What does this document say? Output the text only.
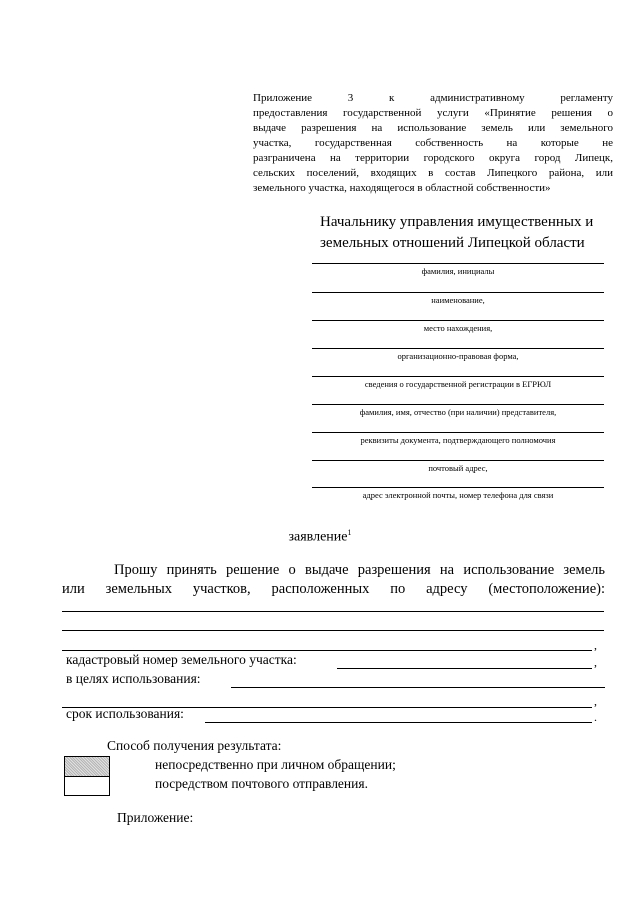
Приложение 3 к административному регламенту
предоставления государственной услуги «Принятие решения о
выдаче разрешения на использование земель или земельного
участка, государственная собственность на которые не
разграничена на территории городского округа город Липецк,
сельских поселений, входящих в состав Липецкого района, или
земельного участка, находящегося в областной собственности»
Начальнику управления имущественных и
земельных отношений Липецкой области
фамилия, инициалы
наименование,
место нахождения,
организационно-правовая форма,
сведения о государственной регистрации в ЕГРЮЛ
фамилия, имя, отчество (при наличии) представителя,
реквизиты документа, подтверждающего полномочия
почтовый адрес,
адрес электронной почты, номер телефона для связи
заявление$^1$
Прошу принять решение о выдаче разрешения на использование земель
или земельных участков, расположенных по адресу (местоположение):
,
кадастровый номер земельного участка:	,
в целях использования:
,
срок использования:	.
Способ получения результата:
непосредственно при личном обращении;
посредством почтового отправления.
Приложение:
